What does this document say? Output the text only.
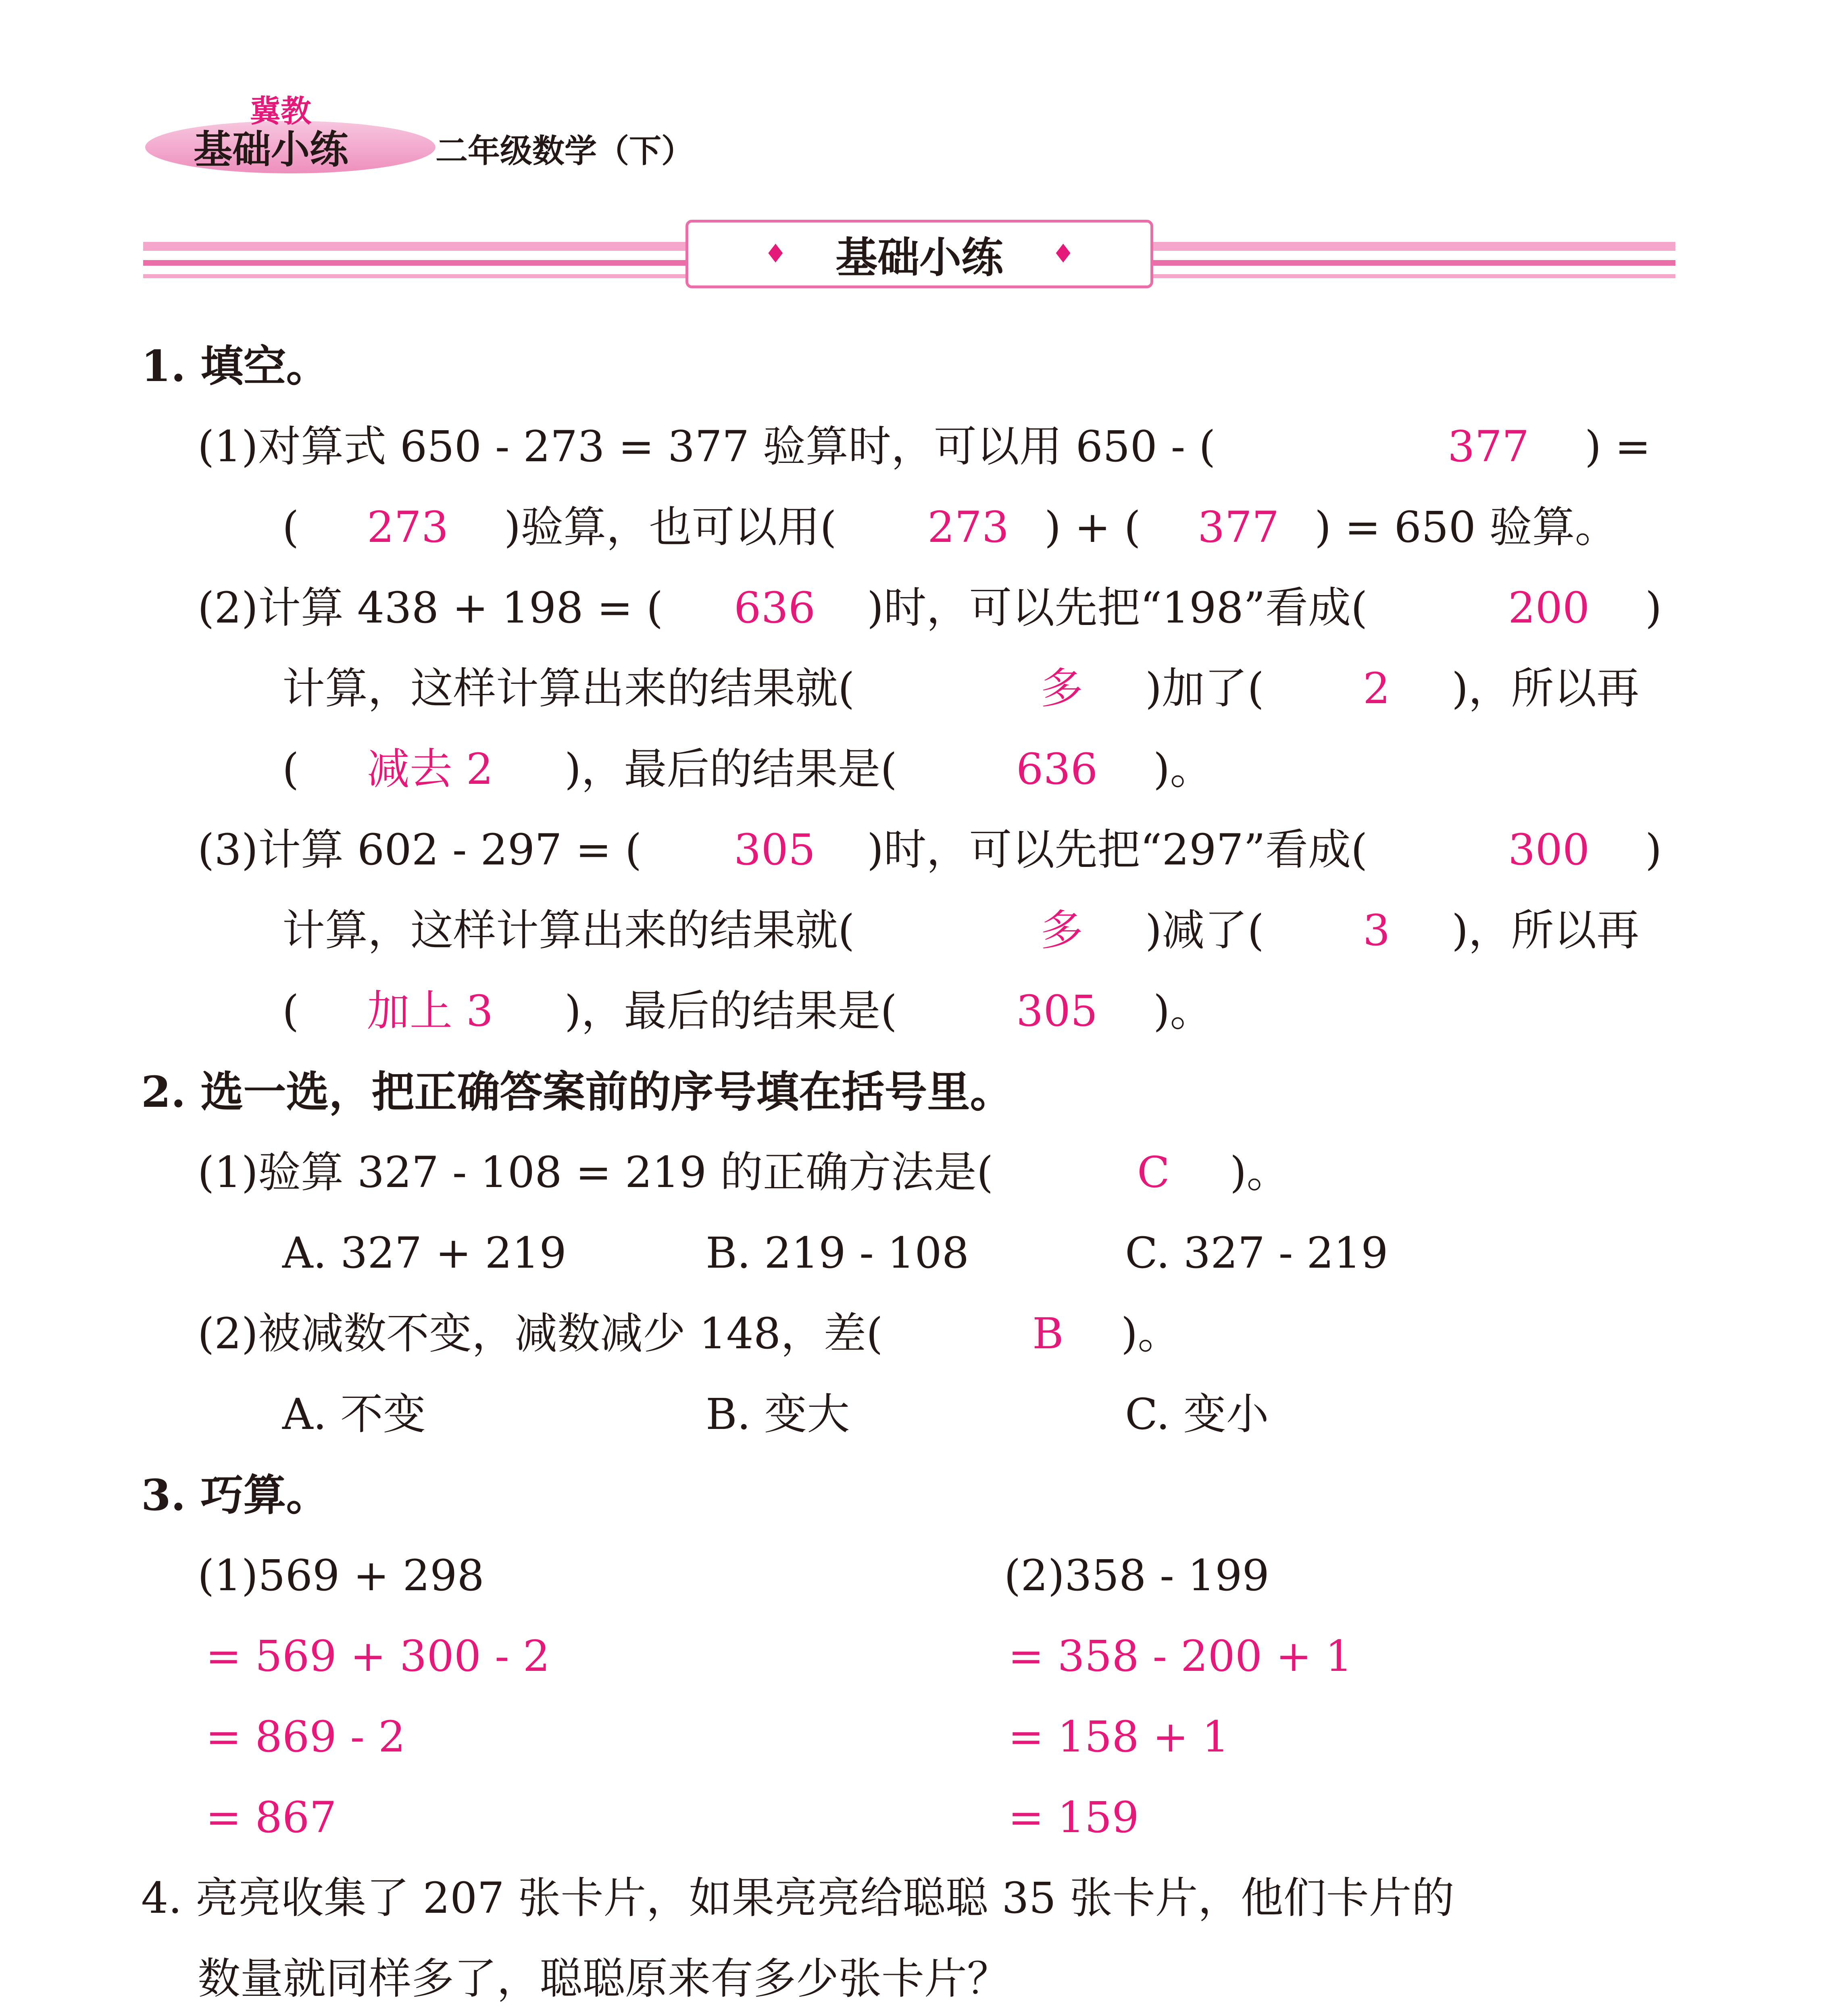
冀教
基础小练	二年级数学（下）
♦ 基础小练 ♦
1. 填空。
(1)对算式 650 - 273 = 377 验算时，可以用 650 - (	377 ) =
( 273 )验算，也可以用( 273 ) + ( 377 ) = 650 验算。
(2)计算 438 + 198 = ( 636 )时，可以先把“198”看成(	200 )
计算，这样计算出来的结果就(	多 )加了( 2 )，所以再
( 减去 2 )，最后的结果是(	636 )。
(3)计算 602 - 297 = ( 305 )时，可以先把“297”看成(	300 )
计算，这样计算出来的结果就(	多 )减了( 3 )，所以再
( 加上 3 )，最后的结果是(	305 )。
2. 选一选，把正确答案前的序号填在括号里。
(1)验算 327 - 108 = 219 的正确方法是(	C )。
A. 327 + 219	B. 219 - 108	C. 327 - 219
(2)被减数不变，减数减少 148，差(	B )。
A. 不变	B. 变大	C. 变小
3. 巧算。
(1)569 + 298	(2)358 - 199
= 569 + 300 - 2	= 358 - 200 + 1
= 869 - 2	= 158 + 1
= 867	= 159
4. 亮亮收集了 207 张卡片，如果亮亮给聪聪 35 张卡片，他们卡片的
数量就同样多了，聪聪原来有多少张卡片？
